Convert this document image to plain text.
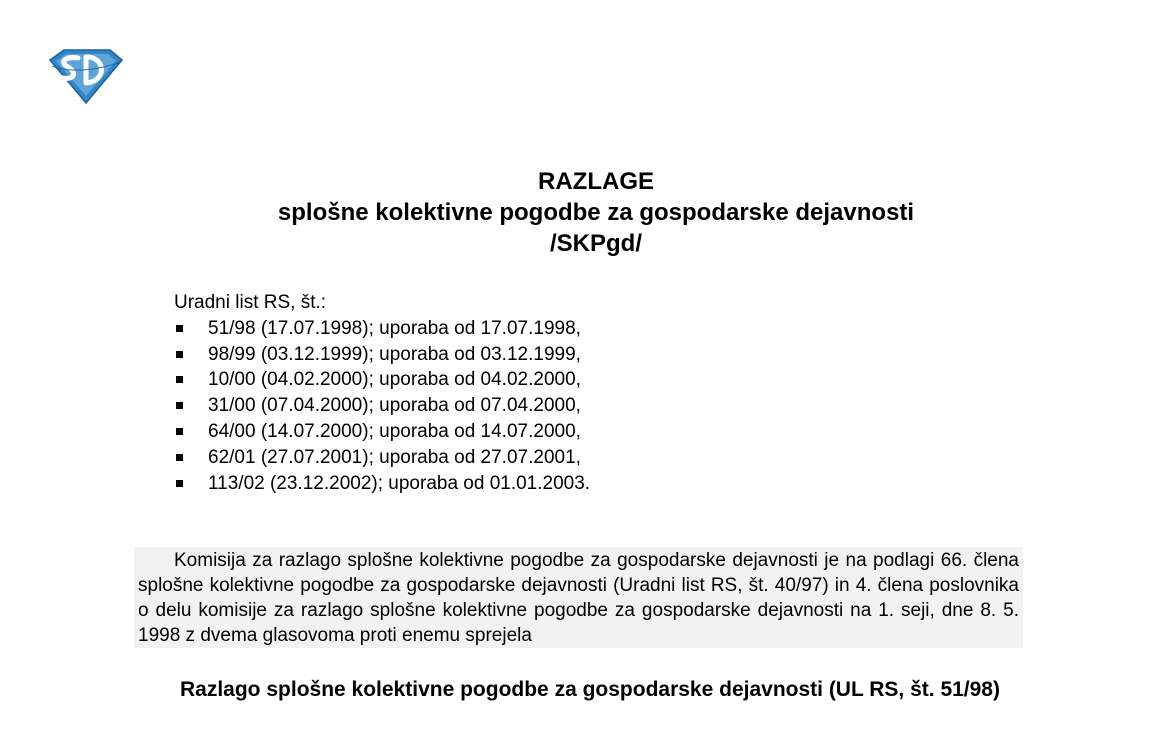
RAZLAGE
splošne kolektivne pogodbe za gospodarske dejavnosti
/SKPgd/
Uradni list RS, št.:
51/98 (17.07.1998); uporaba od 17.07.1998,
98/99 (03.12.1999); uporaba od 03.12.1999,
10/00 (04.02.2000); uporaba od 04.02.2000,
31/00 (07.04.2000); uporaba od 07.04.2000,
64/00 (14.07.2000); uporaba od 14.07.2000,
62/01 (27.07.2001); uporaba od 27.07.2001,
113/02 (23.12.2002); uporaba od 01.01.2003.

Komisija za razlago splošne kolektivne pogodbe za gospodarske dejavnosti je na podlagi 66. člena splošne kolektivne pogodbe za gospodarske dejavnosti (Uradni list RS, št. 40/97) in 4. člena poslovnika o delu komisije za razlago splošne kolektivne pogodbe za gospodarske dejavnosti na 1. seji, dne 8. 5. 1998 z dvema glasovoma proti enemu sprejela

Razlago splošne kolektivne pogodbe za gospodarske dejavnosti (UL RS, št. 51/98)
